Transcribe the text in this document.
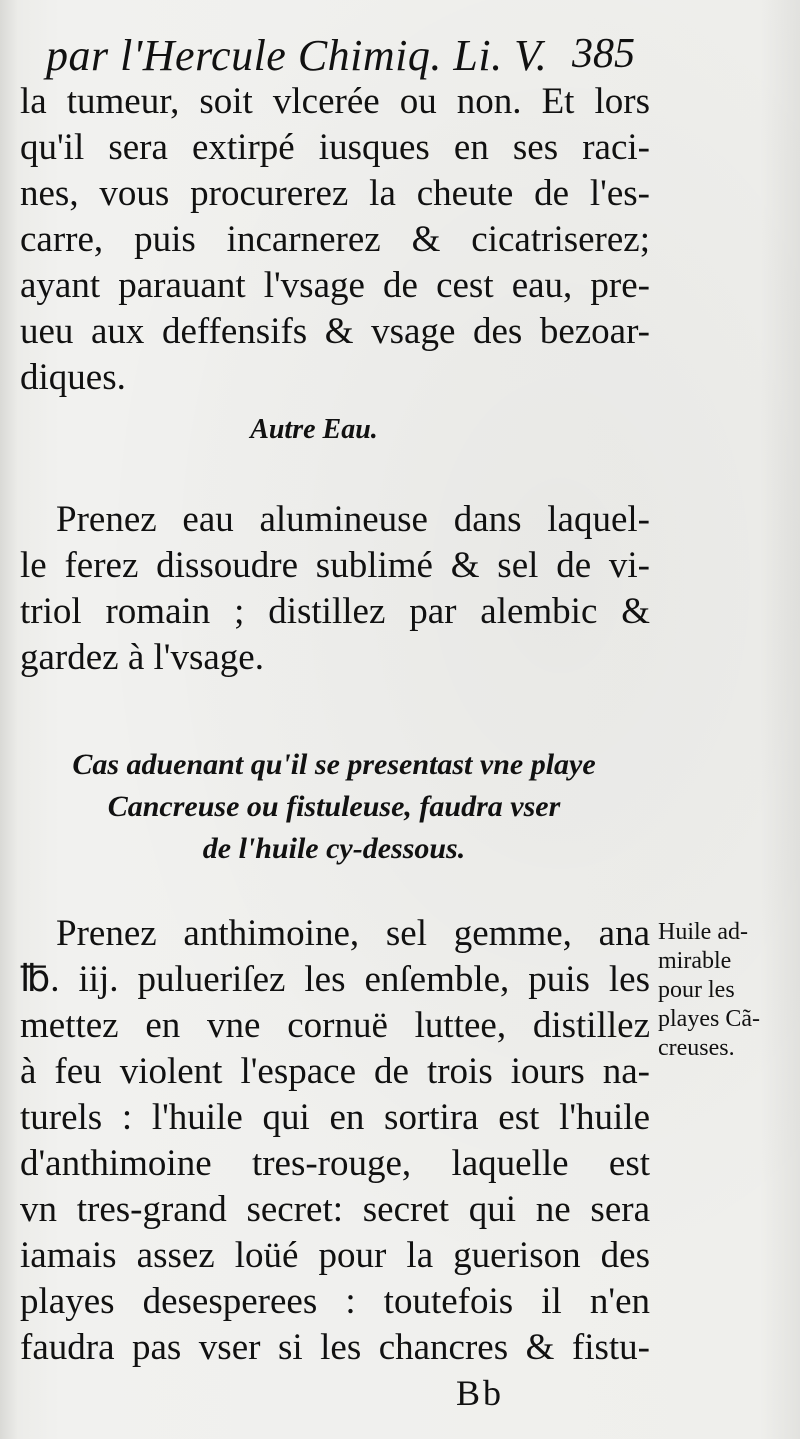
par l'Hercule Chimiq. Li. V. 385
la tumeur, soit vlcerée ou non. Et lors
qu'il sera extirpé iusques en ses raci-
nes, vous procurerez la cheute de l'es-
carre, puis incarnerez & cicatriserez;
ayant parauant l'vsage de cest eau, pre-
ueu aux deffensifs & vsage des bezoar-
diques.
Autre Eau.
Prenez eau alumineuse dans laquel-
le ferez dissoudre sublimé & sel de vi-
triol romain ; distillez par alembic &
gardez à l'vsage.
Cas aduenant qu'il se presentast vne playe
Cancreuse ou fistuleuse, faudra vser
de l'huile cy-dessous.
Prenez anthimoine, sel gemme, ana
℔. iij. pulueriſez les enſemble, puis les
mettez en vne cornuë luttee, distillez
à feu violent l'espace de trois iours na-
turels : l'huile qui en sortira est l'huile
d'anthimoine tres-rouge, laquelle est
vn tres-grand secret: secret qui ne sera
iamais assez loüé pour la guerison des
playes desesperees : toutefois il n'en
faudra pas vser si les chancres & fistu-
Huile ad-
mirable
pour les
playes Cã-
creuses.
Bb
